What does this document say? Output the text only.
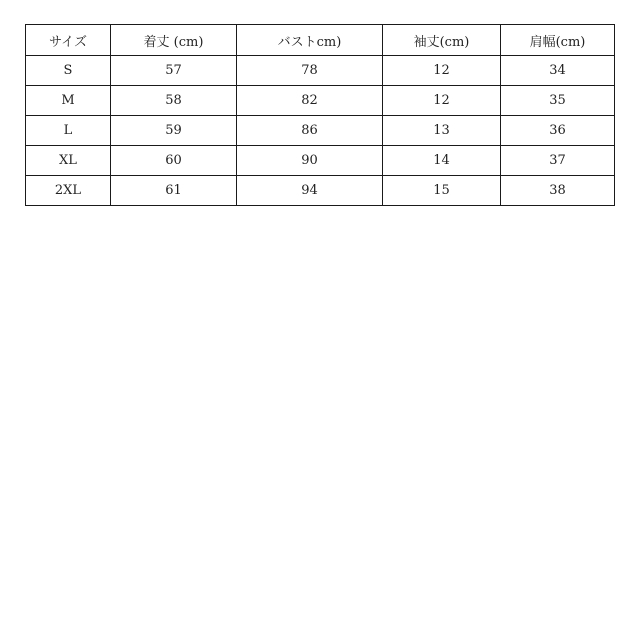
サイズ	着丈 (cm)	バストcm)	袖丈(cm)	肩幅(cm)
S	57	78	12	34
M	58	82	12	35
L	59	86	13	36
XL	60	90	14	37
2XL	61	94	15	38
